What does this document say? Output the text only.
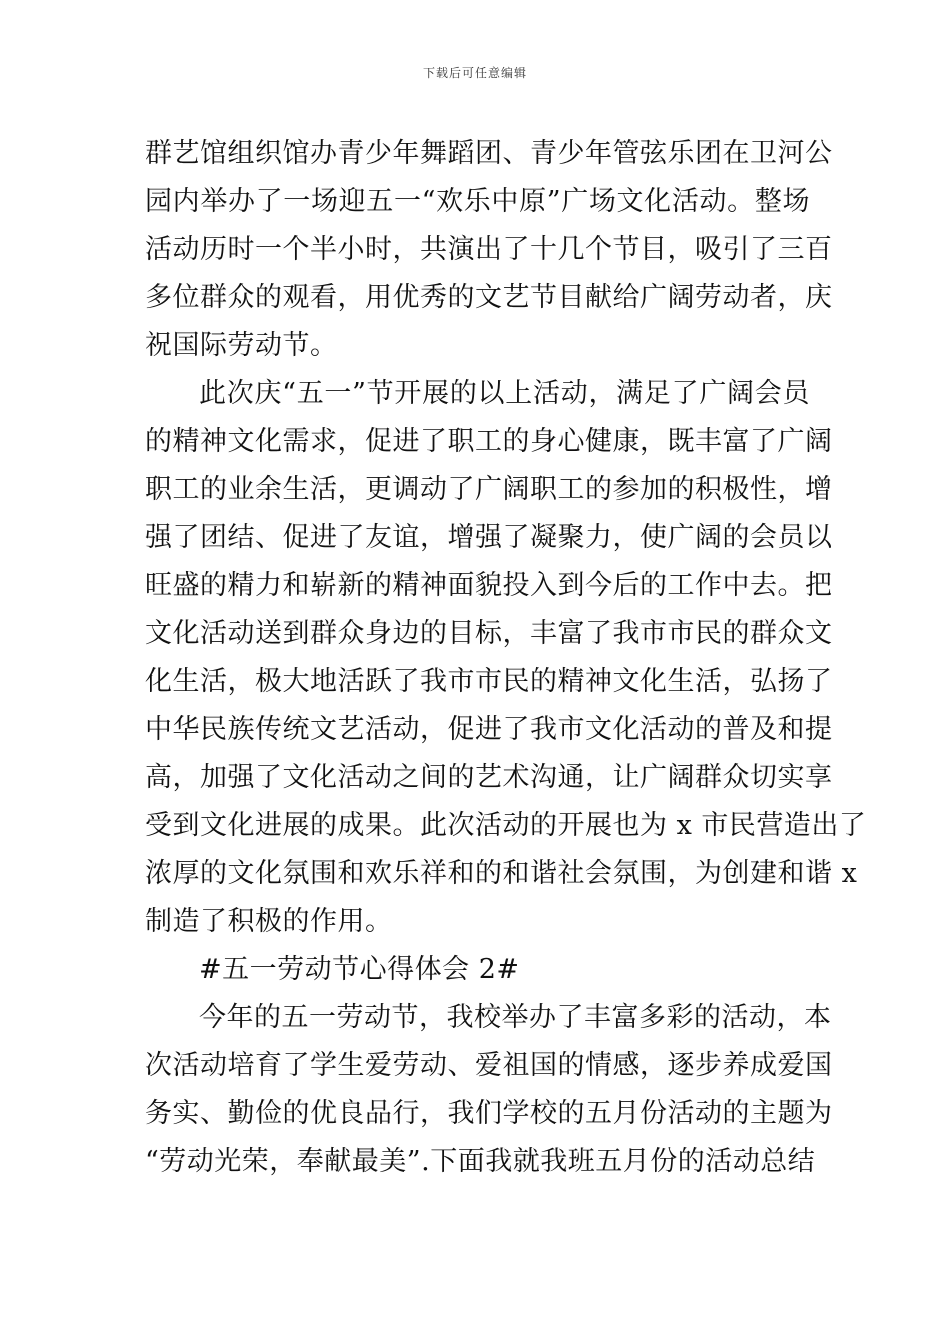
下载后可任意编辑
群艺馆组织馆办青少年舞蹈团、青少年管弦乐团在卫河公
园内举办了一场迎五一“欢乐中原”广场文化活动。整场
活动历时一个半小时，共演出了十几个节目，吸引了三百
多位群众的观看，用优秀的文艺节目献给广阔劳动者，庆
祝国际劳动节。
此次庆“五一”节开展的以上活动，满足了广阔会员
的精神文化需求，促进了职工的身心健康，既丰富了广阔
职工的业余生活，更调动了广阔职工的参加的积极性，增
强了团结、促进了友谊，增强了凝聚力，使广阔的会员以
旺盛的精力和崭新的精神面貌投入到今后的工作中去。把
文化活动送到群众身边的目标，丰富了我市市民的群众文
化生活，极大地活跃了我市市民的精神文化生活，弘扬了
中华民族传统文艺活动，促进了我市文化活动的普及和提
高，加强了文化活动之间的艺术沟通，让广阔群众切实享
受到文化进展的成果。此次活动的开展也为 x 市民营造出了
浓厚的文化氛围和欢乐祥和的和谐社会氛围，为创建和谐 x
制造了积极的作用。
#五一劳动节心得体会 2#
今年的五一劳动节，我校举办了丰富多彩的活动，本
次活动培育了学生爱劳动、爱祖国的情感，逐步养成爱国
务实、勤俭的优良品行，我们学校的五月份活动的主题为
“劳动光荣，奉献最美”.下面我就我班五月份的活动总结
